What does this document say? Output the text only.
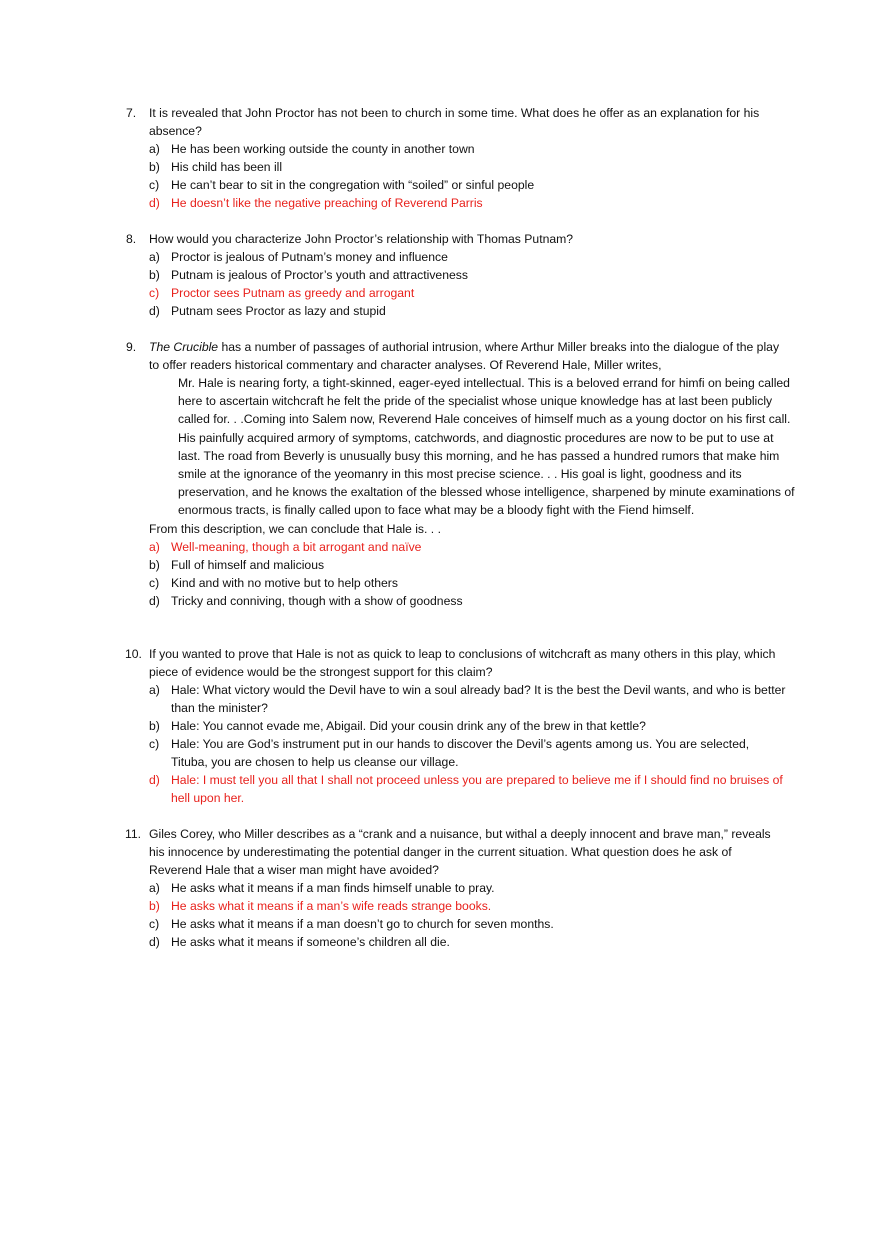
7. It is revealed that John Proctor has not been to church in some time. What does he offer as an explanation for his absence?
a) He has been working outside the county in another town
b) His child has been ill
c) He can’t bear to sit in the congregation with “soiled” or sinful people
d) He doesn’t like the negative preaching of Reverend Parris
8. How would you characterize John Proctor’s relationship with Thomas Putnam?
a) Proctor is jealous of Putnam’s money and influence
b) Putnam is jealous of Proctor’s youth and attractiveness
c) Proctor sees Putnam as greedy and arrogant
d) Putnam sees Proctor as lazy and stupid
9. The Crucible has a number of passages of authorial intrusion, where Arthur Miller breaks into the dialogue of the play to offer readers historical commentary and character analyses. Of Reverend Hale, Miller writes,
Mr. Hale is nearing forty, a tight-skinned, eager-eyed intellectual. This is a beloved errand for himfi on being called here to ascertain witchcraft he felt the pride of the specialist whose unique knowledge has at last been publicly called for. . .Coming into Salem now, Reverend Hale conceives of himself much as a young doctor on his first call. His painfully acquired armory of symptoms, catchwords, and diagnostic procedures are now to be put to use at last. The road from Beverly is unusually busy this morning, and he has passed a hundred rumors that make him smile at the ignorance of the yeomanry in this most precise science. . . His goal is light, goodness and its preservation, and he knows the exaltation of the blessed whose intelligence, sharpened by minute examinations of enormous tracts, is finally called upon to face what may be a bloody fight with the Fiend himself.
From this description, we can conclude that Hale is. . .
a) Well-meaning, though a bit arrogant and naïve
b) Full of himself and malicious
c) Kind and with no motive but to help others
d) Tricky and conniving, though with a show of goodness
10. If you wanted to prove that Hale is not as quick to leap to conclusions of witchcraft as many others in this play, which piece of evidence would be the strongest support for this claim?
a) Hale: What victory would the Devil have to win a soul already bad? It is the best the Devil wants, and who is better than the minister?
b) Hale: You cannot evade me, Abigail. Did your cousin drink any of the brew in that kettle?
c) Hale: You are God’s instrument put in our hands to discover the Devil’s agents among us. You are selected, Tituba, you are chosen to help us cleanse our village.
d) Hale: I must tell you all that I shall not proceed unless you are prepared to believe me if I should find no bruises of hell upon her.
11. Giles Corey, who Miller describes as a “crank and a nuisance, but withal a deeply innocent and brave man,” reveals his innocence by underestimating the potential danger in the current situation. What question does he ask of Reverend Hale that a wiser man might have avoided?
a) He asks what it means if a man finds himself unable to pray.
b) He asks what it means if a man’s wife reads strange books.
c) He asks what it means if a man doesn’t go to church for seven months.
d) He asks what it means if someone’s children all die.
